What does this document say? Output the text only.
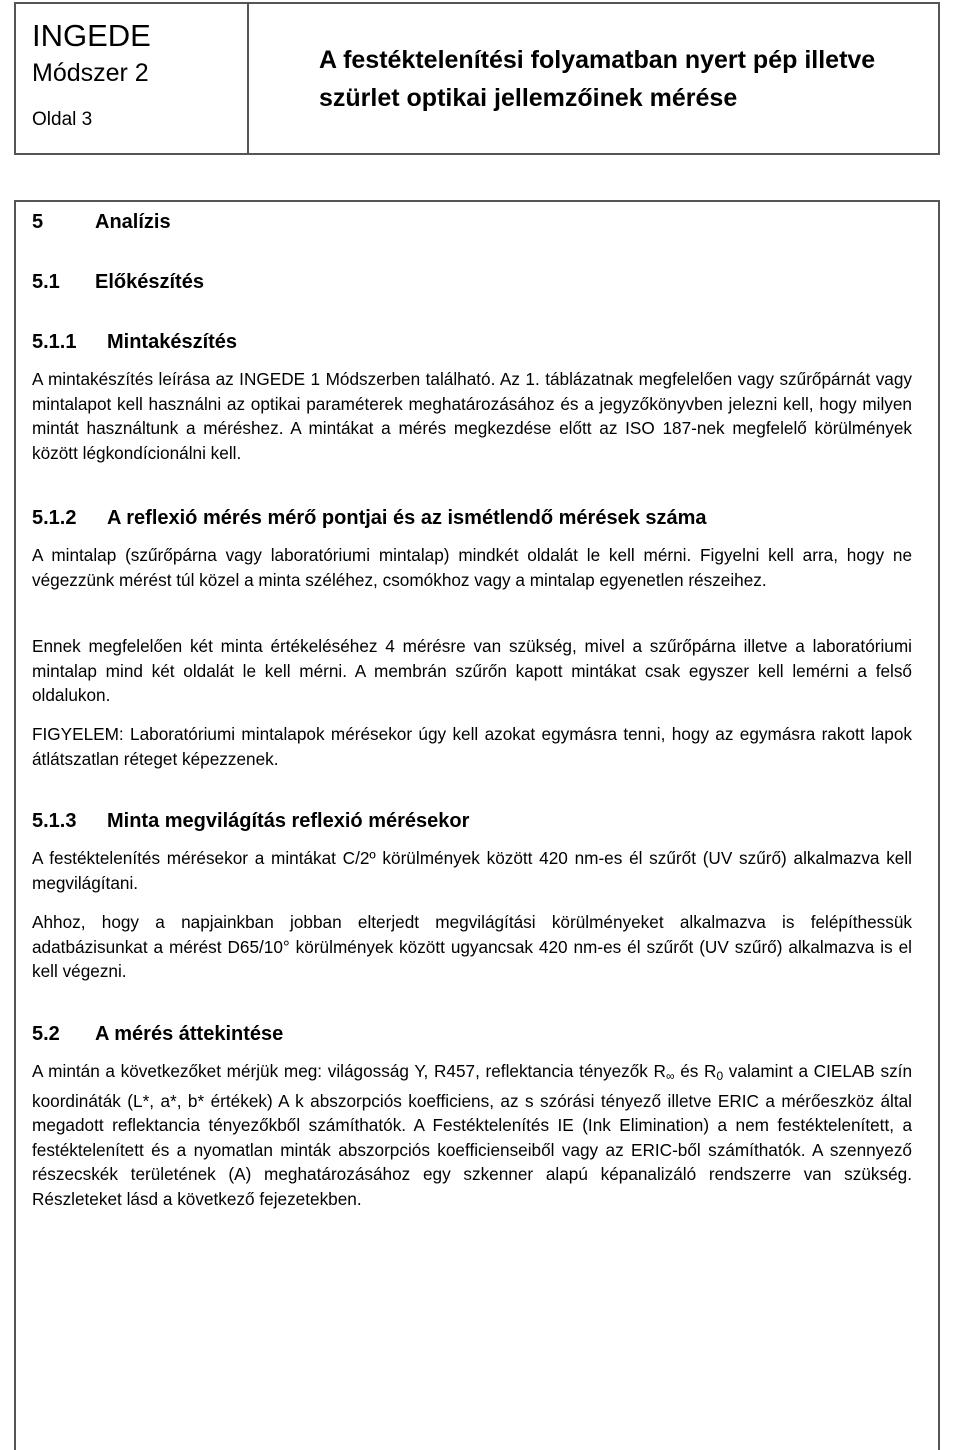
INGEDE
Módszer 2
Oldal 3
A festéktelenítési folyamatban nyert pép illetve szürlet optikai jellemzőinek mérése
5	Analízis
5.1 Előkészítés
5.1.1 Mintakészítés
A mintakészítés leírása az INGEDE 1 Módszerben található. Az 1. táblázatnak megfelelően vagy szűrőpárnát vagy mintalapot kell használni az optikai paraméterek meghatározásához és a jegyzőkönyvben jelezni kell, hogy milyen mintát használtunk a méréshez. A mintákat a mérés megkezdése előtt az ISO 187-nek megfelelő körülmények között légkondícionálni kell.
5.1.2 A reflexió mérés mérő pontjai és az ismétlendő mérések száma
A mintalap (szűrőpárna vagy laboratóriumi mintalap) mindkét oldalát le kell mérni. Figyelni kell arra, hogy ne végezzünk mérést túl közel a minta széléhez, csomókhoz vagy a mintalap egyenetlen részeihez.
Ennek megfelelően két minta értékeléséhez 4 mérésre van szükség, mivel a szűrőpárna illetve a laboratóriumi mintalap mind két oldalát le kell mérni. A membrán szűrőn kapott mintákat csak egyszer kell lemérni a felső oldalukon.
FIGYELEM: Laboratóriumi mintalapok mérésekor úgy kell azokat egymásra tenni, hogy az egymásra rakott lapok átlátszatlan réteget képezzenek.
5.1.3 Minta megvilágítás reflexió mérésekor
A festéktelenítés mérésekor a mintákat C/2º körülmények között 420 nm-es él szűrőt (UV szűrő) alkalmazva kell megvilágítani.
Ahhoz, hogy a napjainkban jobban elterjedt megvilágítási körülményeket alkalmazva is felépíthessük adatbázisunkat a mérést D65/10° körülmények között ugyancsak 420 nm-es él szűrőt (UV szűrő) alkalmazva is el kell végezni.
5.2 A mérés áttekintése
A mintán a következőket mérjük meg: világosság Y, R457, reflektancia tényezők $R_\infty$ és $R_0$ valamint a CIELAB szín koordináták (L*, a*, b* értékek) A k abszorpciós koefficiens, az s szórási tényező illetve ERIC a mérőeszköz által megadott reflektancia tényezőkből számíthatók. A Festéktelenítés IE (Ink Elimination) a nem festéktelenített, a festéktelenített és a nyomatlan minták abszorpciós koefficienseiből vagy az ERIC-ből számíthatók. A szennyező részecskék területének (A) meghatározásához egy szkenner alapú képanalizáló rendszerre van szükség. Részleteket lásd a következő fejezetekben.
